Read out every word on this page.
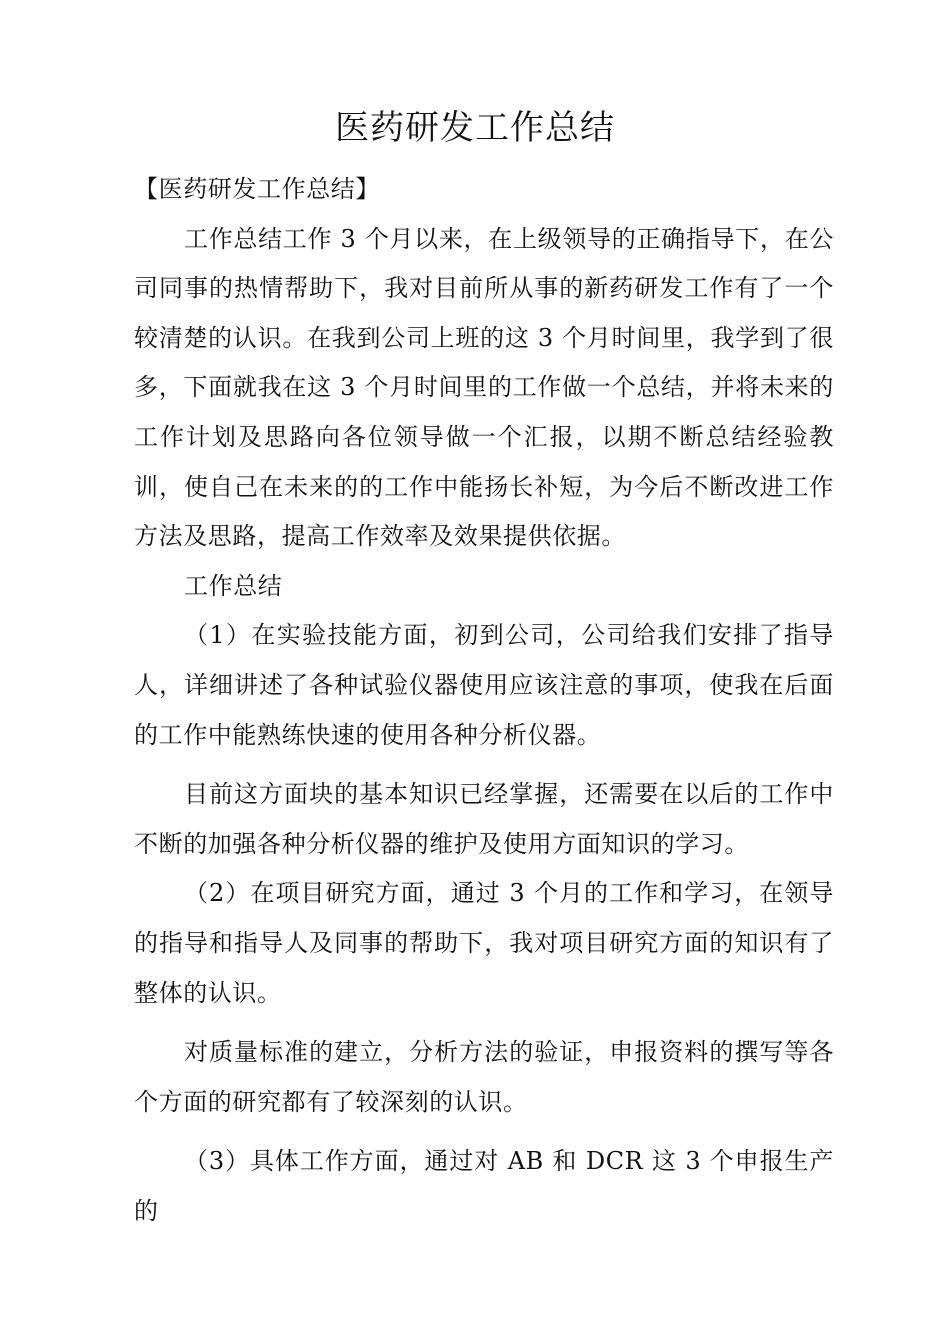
医药研发工作总结

【医药研发工作总结】

工作总结工作 3 个月以来，在上级领导的正确指导下，在公司同事的热情帮助下，我对目前所从事的新药研发工作有了一个较清楚的认识。在我到公司上班的这 3 个月时间里，我学到了很多，下面就我在这 3 个月时间里的工作做一个总结，并将未来的工作计划及思路向各位领导做一个汇报，以期不断总结经验教训，使自己在未来的的工作中能扬长补短，为今后不断改进工作方法及思路，提高工作效率及效果提供依据。

工作总结

（1）在实验技能方面，初到公司，公司给我们安排了指导人，详细讲述了各种试验仪器使用应该注意的事项，使我在后面的工作中能熟练快速的使用各种分析仪器。

目前这方面块的基本知识已经掌握，还需要在以后的工作中不断的加强各种分析仪器的维护及使用方面知识的学习。

（2）在项目研究方面，通过 3 个月的工作和学习，在领导的指导和指导人及同事的帮助下，我对项目研究方面的知识有了整体的认识。

对质量标准的建立，分析方法的验证，申报资料的撰写等各个方面的研究都有了较深刻的认识。

（3）具体工作方面，通过对 AB 和 DCR 这 3 个申报生产的
